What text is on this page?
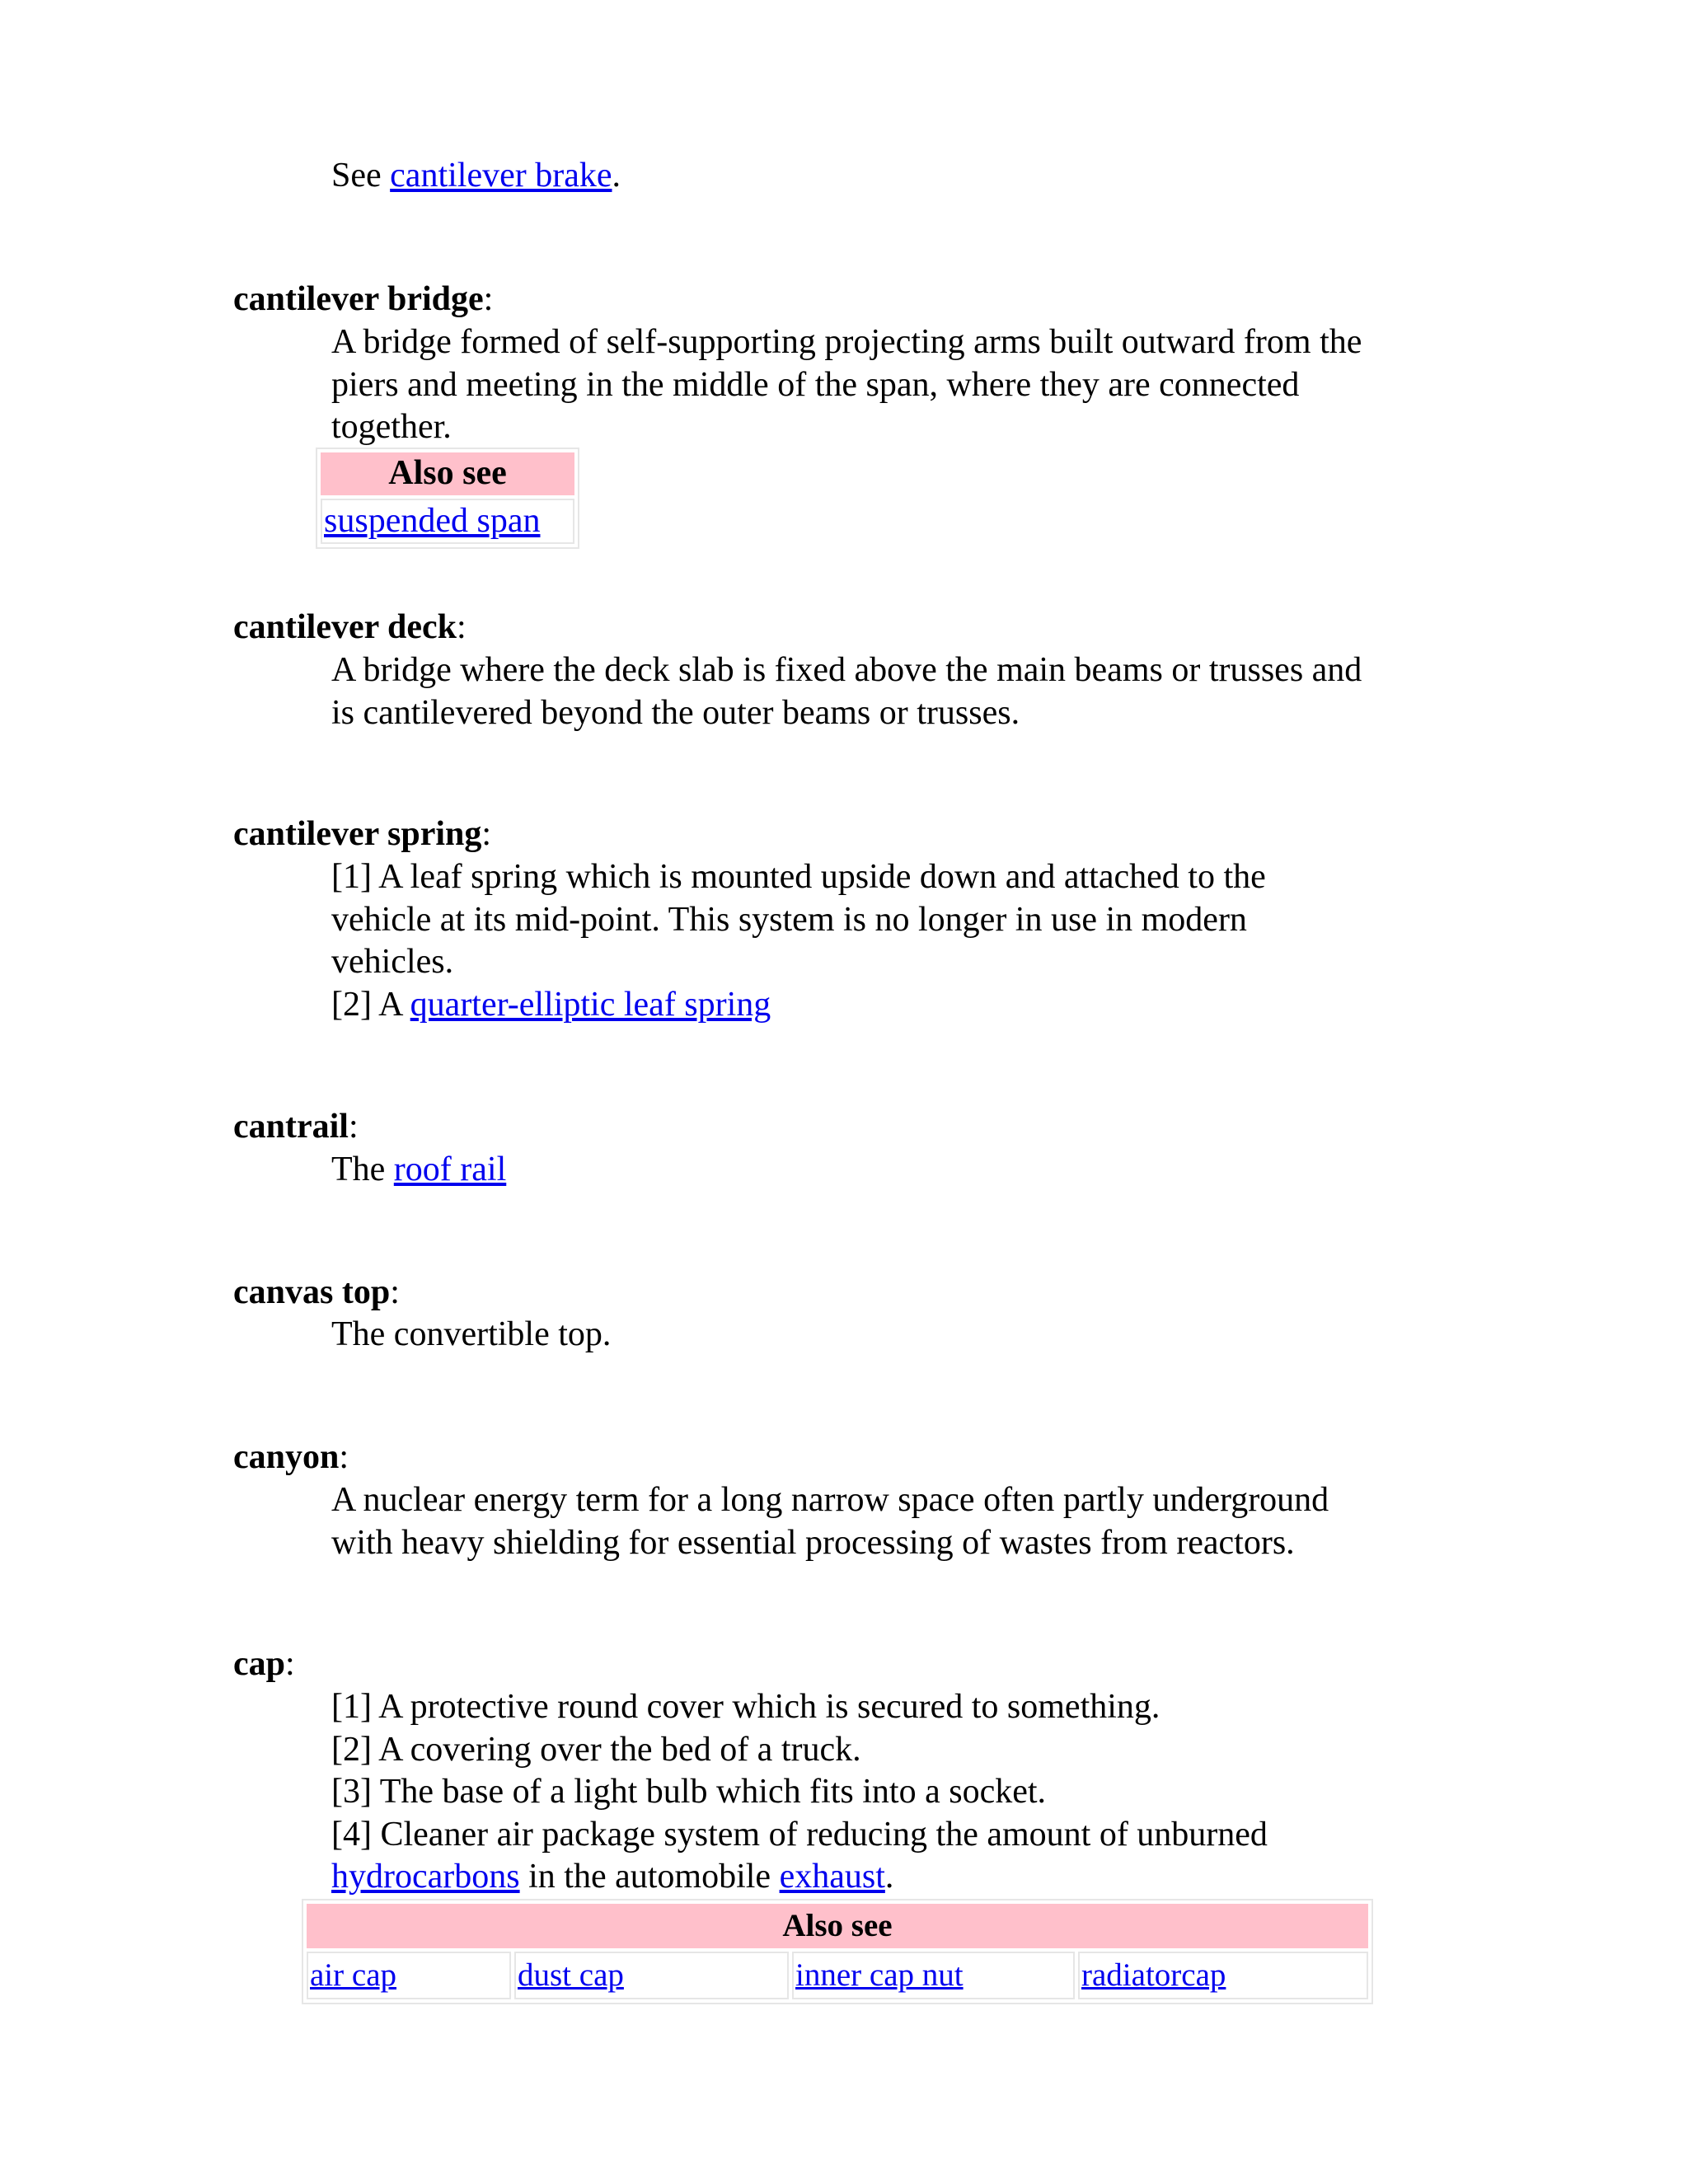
See cantilever brake.
cantilever bridge:
A bridge formed of self-supporting projecting arms built outward from the
piers and meeting in the middle of the span, where they are connected
together.
Also see
suspended span
cantilever deck:
A bridge where the deck slab is fixed above the main beams or trusses and
is cantilevered beyond the outer beams or trusses.
cantilever spring:
[1] A leaf spring which is mounted upside down and attached to the
vehicle at its mid-point. This system is no longer in use in modern
vehicles.
[2] A quarter-elliptic leaf spring
cantrail:
The roof rail
canvas top:
The convertible top.
canyon:
A nuclear energy term for a long narrow space often partly underground
with heavy shielding for essential processing of wastes from reactors.
cap:
[1] A protective round cover which is secured to something.
[2] A covering over the bed of a truck.
[3] The base of a light bulb which fits into a socket.
[4] Cleaner air package system of reducing the amount of unburned
hydrocarbons in the automobile exhaust.
Also see
air cap	dust cap	inner cap nut	radiatorcap
